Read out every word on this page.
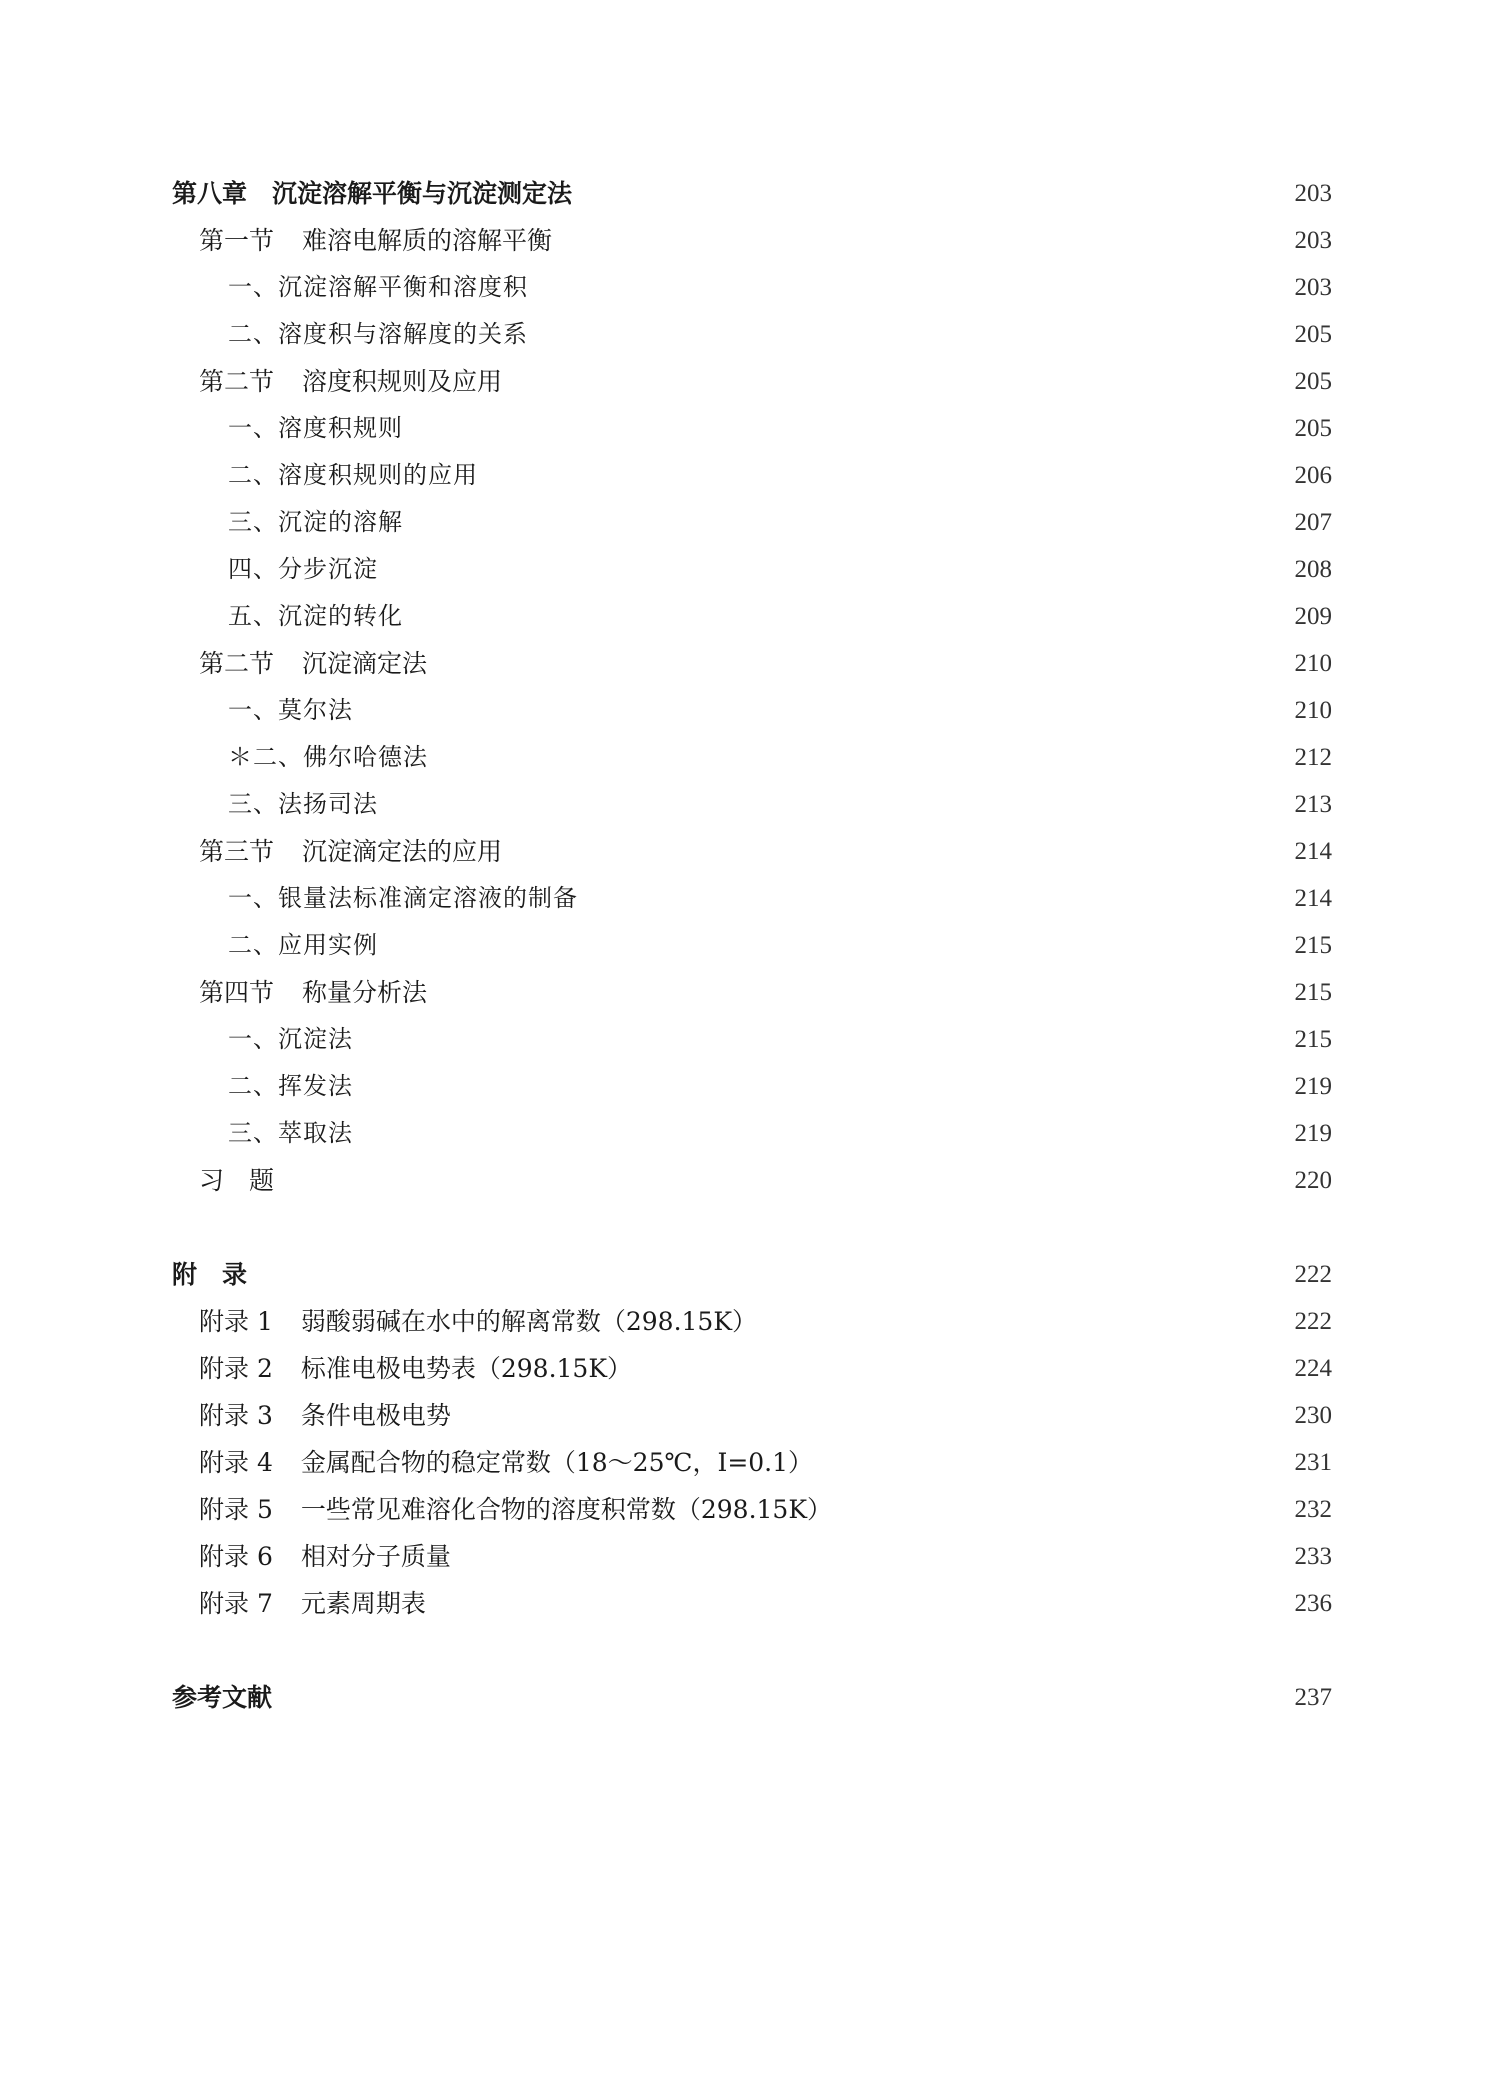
第八章　沉淀溶解平衡与沉淀测定法	203
第一节 难溶电解质的溶解平衡	203
一、沉淀溶解平衡和溶度积	203
二、溶度积与溶解度的关系	205
第二节 溶度积规则及应用	205
一、溶度积规则	205
二、溶度积规则的应用	206
三、沉淀的溶解	207
四、分步沉淀	208
五、沉淀的转化	209
第二节 沉淀滴定法	210
一、莫尔法	210
＊二、佛尔哈德法	212
三、法扬司法	213
第三节 沉淀滴定法的应用	214
一、银量法标准滴定溶液的制备	214
二、应用实例	215
第四节 称量分析法	215
一、沉淀法	215
二、挥发法	219
三、萃取法	219
习　题	220
附　录	222
附录 1 弱酸弱碱在水中的解离常数（298.15K）	222
附录 2 标准电极电势表（298.15K）	224
附录 3 条件电极电势	230
附录 4 金属配合物的稳定常数（18～25℃，I=0.1）	231
附录 5 一些常见难溶化合物的溶度积常数（298.15K）	232
附录 6 相对分子质量	233
附录 7 元素周期表	236
参考文献	237
